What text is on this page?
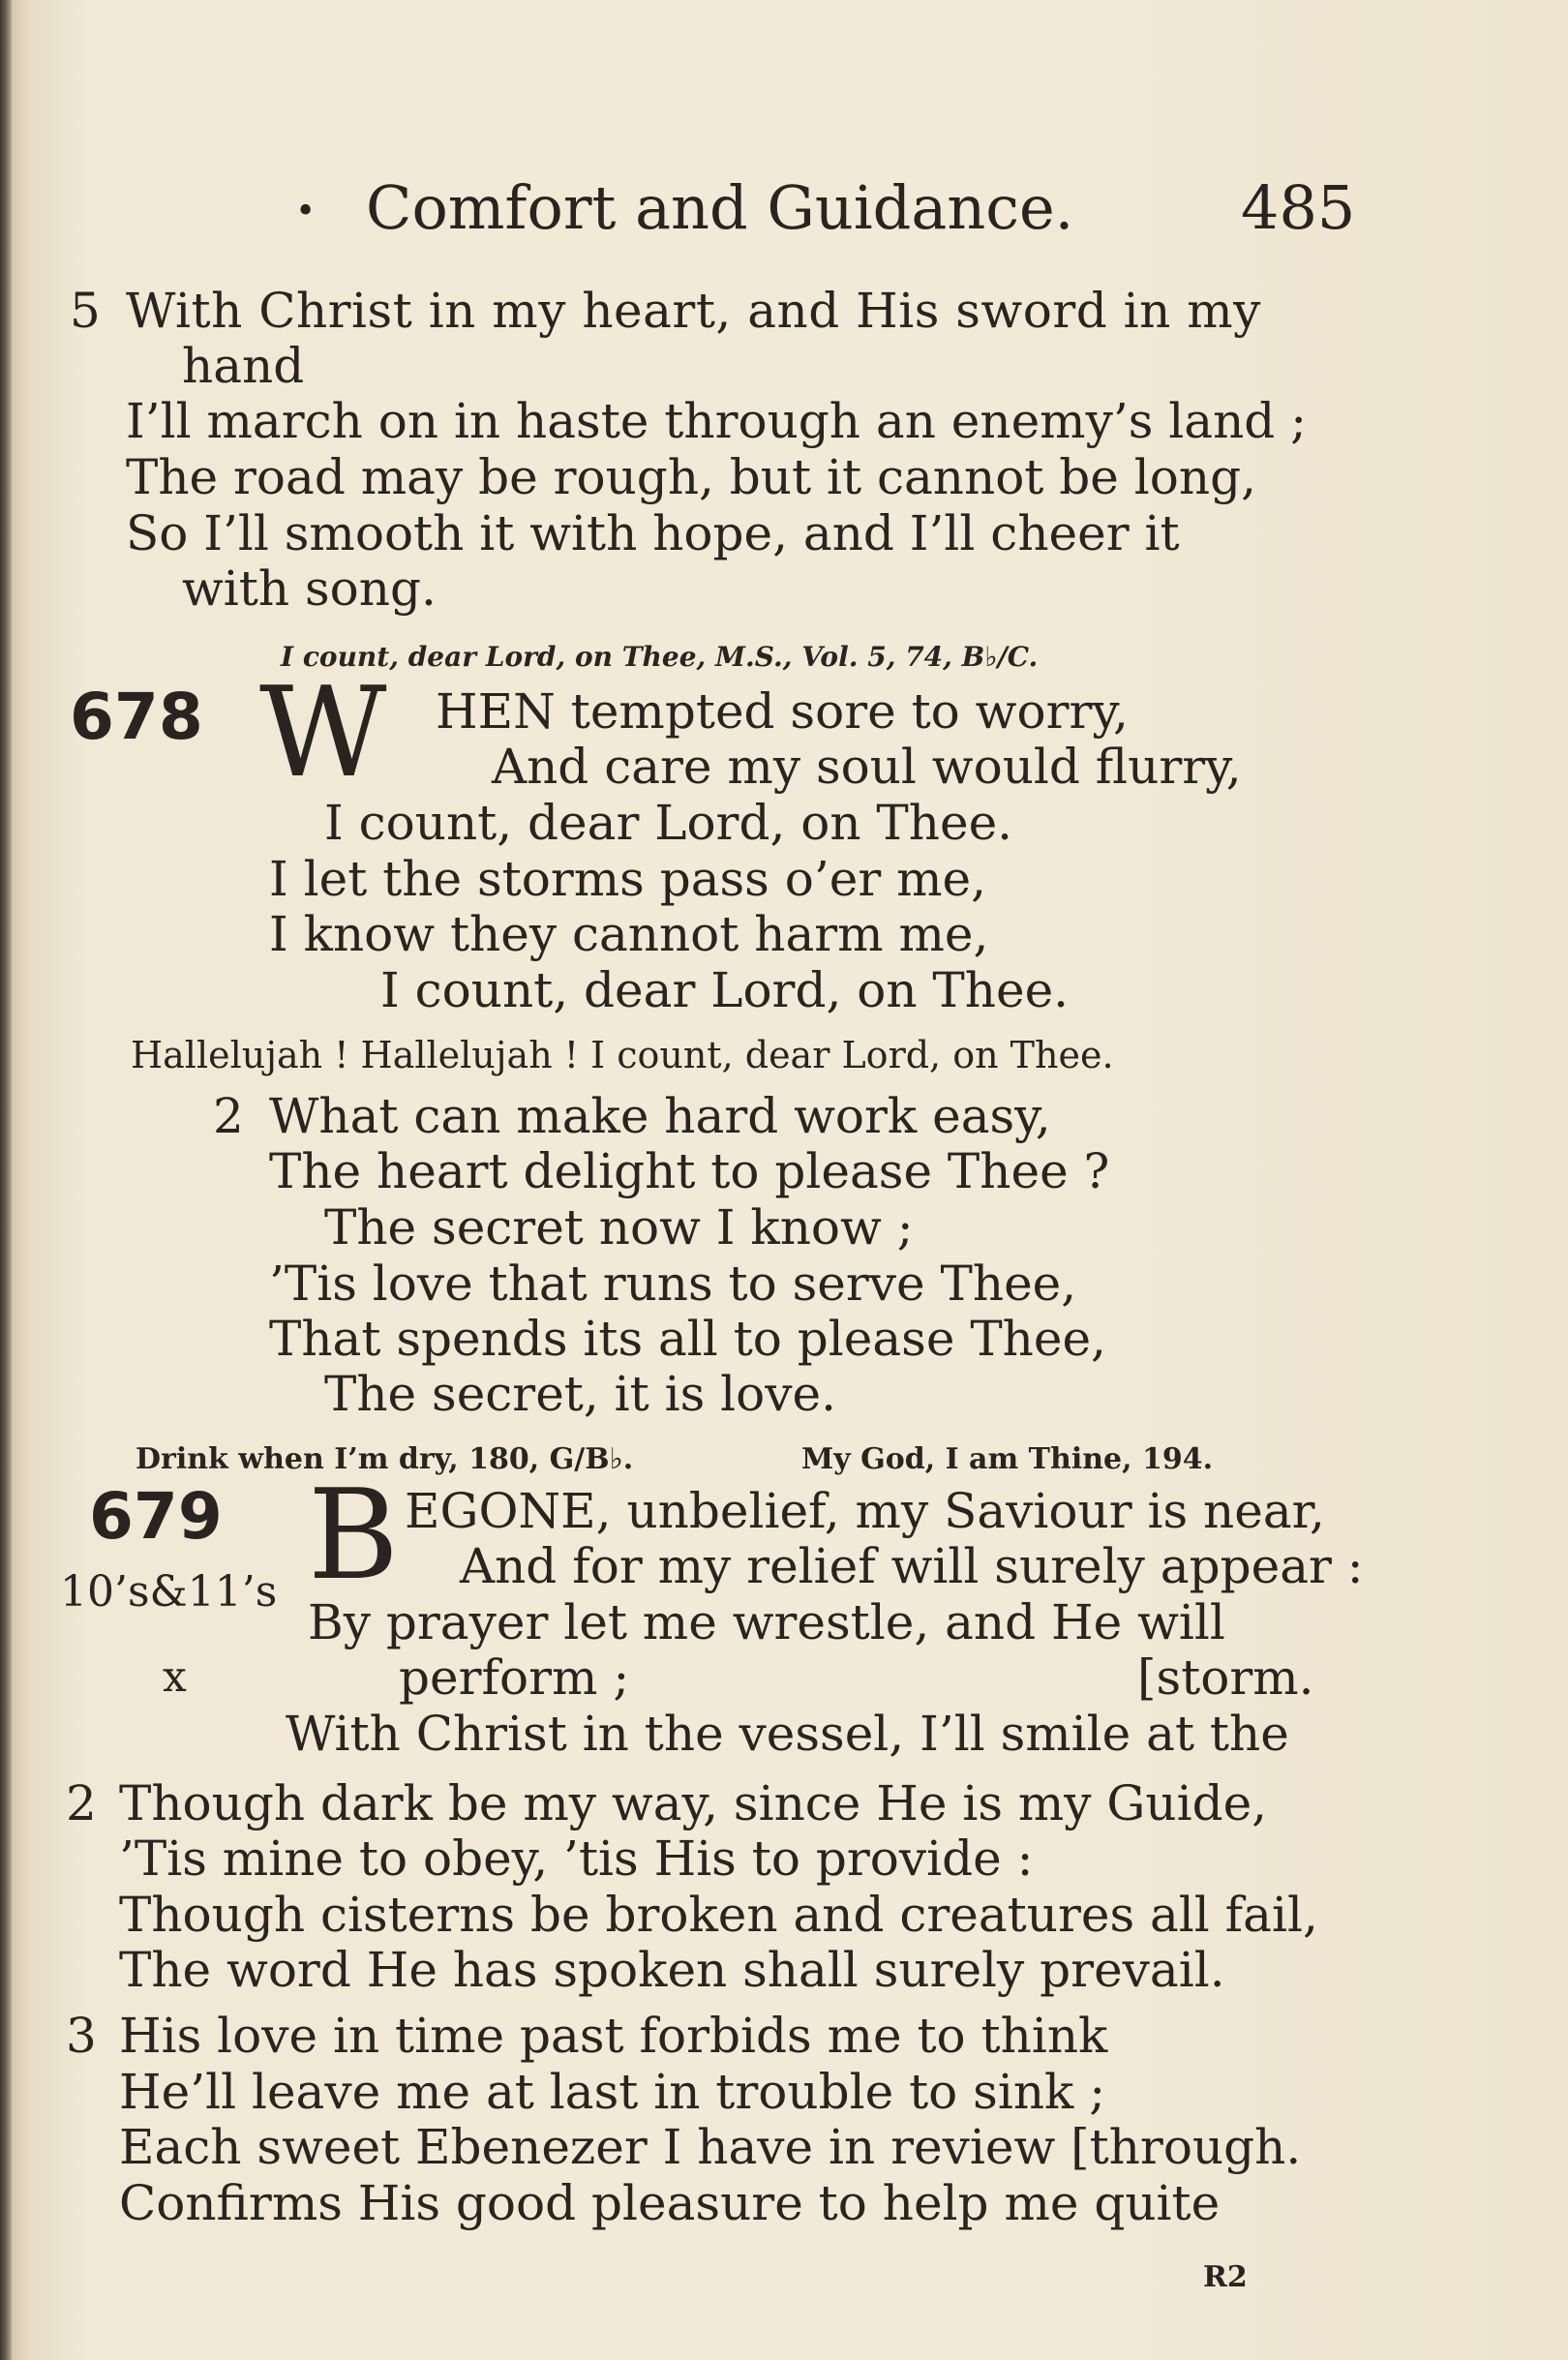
• Comfort and Guidance.	485
5 With Christ in my heart, and His sword in my
hand
I’ll march on in haste through an enemy’s land ;
The road may be rough, but it cannot be long,
So I’ll smooth it with hope, and I’ll cheer it
with song.
I count, dear Lord, on Thee, M.S., Vol. 5, 74, B♭/C.
678 W HEN tempted sore to worry,
And care my soul would flurry,
I count, dear Lord, on Thee.
I let the storms pass o’er me,
I know they cannot harm me,
I count, dear Lord, on Thee.
Hallelujah ! Hallelujah ! I count, dear Lord, on Thee.
2 What can make hard work easy,
The heart delight to please Thee ?
The secret now I know ;
’Tis love that runs to serve Thee,
That spends its all to please Thee,
The secret, it is love.
Drink when I’m dry, 180, G/B♭.	My God, I am Thine, 194.
679 B EGONE, unbelief, my Saviour is near,
And for my relief will surely appear :
10’s&11’s
By prayer let me wrestle, and He will
x	perform ;	[storm.
With Christ in the vessel, I’ll smile at the
2 Though dark be my way, since He is my Guide,
’Tis mine to obey, ’tis His to provide :
Though cisterns be broken and creatures all fail,
The word He has spoken shall surely prevail.
3 His love in time past forbids me to think
He’ll leave me at last in trouble to sink ;
Each sweet Ebenezer I have in review [through.
Confirms His good pleasure to help me quite
R2
